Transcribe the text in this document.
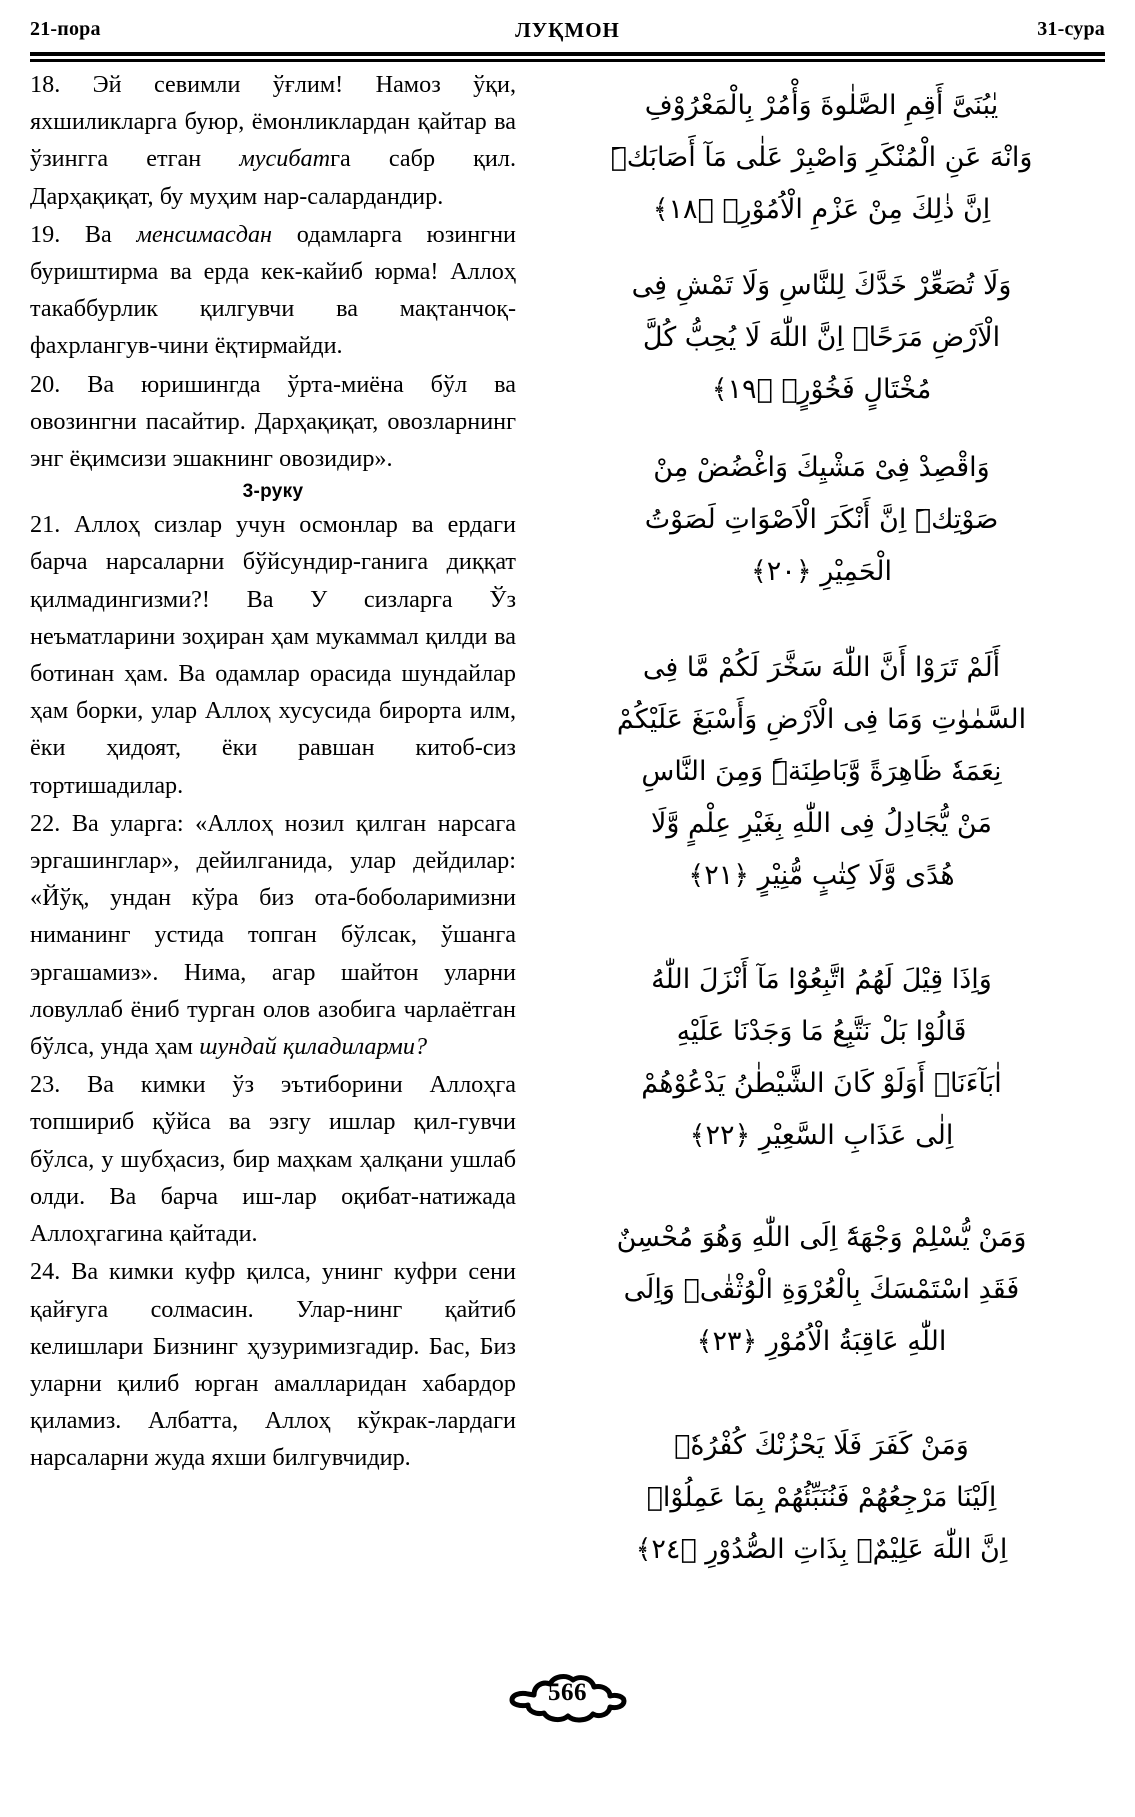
21-пора	ЛУҚМОН	31-сура

18. Эй севимли ўғлим! Намоз ўқи, яхшиликларга буюр, ёмонликлардан қайтар ва ўзингга етган мусибатга сабр қил. Дарҳақиқат, бу муҳим нар-салардандир.

19. Ва менсимасдан одамларга юзингни буриштирма ва ерда кек-кайиб юрма! Аллоҳ такаббурлик қилгувчи ва мақтанчоқ-фахрлангув-чини ёқтирмайди.

20. Ва юришингда ўрта-миёна бўл ва овозингни пасайтир. Дарҳақиқат, овозларнинг энг ёқимсизи эшакнинг овозидир».

3-руку

21. Аллоҳ сизлар учун осмонлар ва ердаги барча нарсаларни бўйсундир-ганига диққат қилмадингизми?! Ва У сизларга Ўз неъматларини зоҳиран ҳам мукаммал қилди ва ботинан ҳам. Ва одамлар орасида шундайлар ҳам борки, улар Аллоҳ хусусида бирорта илм, ёки ҳидоят, ёки равшан китоб-сиз тортишадилар.

22. Ва уларга: «Аллоҳ нозил қилган нарсага эргашинглар», дейилганида, улар дейдилар: «Йўқ, ундан кўра биз ота-боболаримизни ниманинг устида топган бўлсак, ўшанга эргашамиз». Нима, агар шайтон уларни ловуллаб ёниб турган олов азобига чарлаётган бўлса, унда ҳам шундай қиладиларми?

23. Ва кимки ўз эътиборини Аллоҳга топшириб қўйса ва эзгу ишлар қил-гувчи бўлса, у шубҳасиз, бир маҳкам ҳалқани ушлаб олди. Ва барча иш-лар оқибат-натижада Аллоҳгагина қайтади.

24. Ва кимки куфр қилса, унинг куфри сени қайғуга солмасин. Улар-нинг қайтиб келишлари Бизнинг ҳузуримизгадир. Бас, Биз уларни қилиб юрган амалларидан хабардор қиламиз. Албатта, Аллоҳ кўкрак-лардаги нарсаларни жуда яхши билгувчидир.

يٰبُنَىَّ أَقِمِ الصَّلٰوةَ وَأْمُرْ بِالْمَعْرُوْفِ
وَانْهَ عَنِ الْمُنْكَرِ وَاصْبِرْ عَلٰى مَآ أَصَابَكَۜ
اِنَّ ذٰلِكَ مِنْ عَزْمِ الْاُمُوْرِۚ ﴿١٨﴾
وَلَا تُصَعِّرْ خَدَّكَ لِلنَّاسِ وَلَا تَمْشِ فِى
الْاَرْضِ مَرَحًاۜ اِنَّ اللّٰهَ لَا يُحِبُّ كُلَّ
مُخْتَالٍ فَخُوْرٍۚ ﴿١٩﴾
وَاقْصِدْ فِىْ مَشْيِكَ وَاغْضُضْ مِنْ
صَوْتِكَۜ اِنَّ أَنْكَرَ الْاَصْوَاتِ لَصَوْتُ
الْحَمِيْرِ ﴿٢٠﴾
أَلَمْ تَرَوْا أَنَّ اللّٰهَ سَخَّرَ لَكُمْ مَّا فِى
السَّمٰوٰتِ وَمَا فِى الْاَرْضِ وَأَسْبَغَ عَلَيْكُمْ
نِعَمَهٗ ظَاهِرَةً وَّبَاطِنَةًۜ وَمِنَ النَّاسِ
مَنْ يُّجَادِلُ فِى اللّٰهِ بِغَيْرِ عِلْمٍ وَّلَا
هُدًى وَّلَا كِتٰبٍ مُّنِيْرٍ ﴿٢١﴾
وَاِذَا قِيْلَ لَهُمُ اتَّبِعُوْا مَآ أَنْزَلَ اللّٰهُ
قَالُوْا بَلْ نَتَّبِعُ مَا وَجَدْنَا عَلَيْهِ
اٰبَآءَنَاۜ أَوَلَوْ كَانَ الشَّيْطٰنُ يَدْعُوْهُمْ
اِلٰى عَذَابِ السَّعِيْرِ ﴿٢٢﴾
وَمَنْ يُّسْلِمْ وَجْهَهٗٓ اِلَى اللّٰهِ وَهُوَ مُحْسِنٌ
فَقَدِ اسْتَمْسَكَ بِالْعُرْوَةِ الْوُثْقٰىۜ وَاِلَى
اللّٰهِ عَاقِبَةُ الْاُمُوْرِ ﴿٢٣﴾
وَمَنْ كَفَرَ فَلَا يَحْزُنْكَ كُفْرُهٗۜ
اِلَيْنَا مَرْجِعُهُمْ فَنُنَبِّئُهُمْ بِمَا عَمِلُوْاۜ
اِنَّ اللّٰهَ عَلِيْمٌۢ بِذَاتِ الصُّدُوْرِ ﴿٢٤﴾
566
